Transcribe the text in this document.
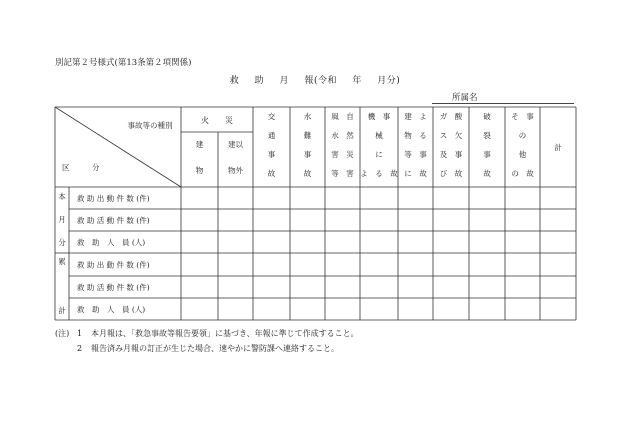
別記第２号様式(第13条第２項関係)
救 助 月 報(令和 年 月分)
所属名
事故等の種別
区　　　分
火　　災
建
物
建以
物外
交
通
事
故
水
難
事
故
風　自
水　然
害　災
等　害
機　事
械
に
よ　る　故
建　よ
物　る
等　事
に　故
ガ　酸
ス　欠
及　事
び　故
破
裂
事
故
そ　事
の
他
の　故
計
本
月
分
累
計
救 助 出 動 件 数 (件)
救 助 活 動 件 数 (件)
救　助　人　員 (人)
救 助 出 動 件 数 (件)
救 助 活 動 件 数 (件)
救　助　人　員 (人)
(注) 1 本月報は、「救急事故等報告要領」に基づき、年報に準じて作成すること。
2 報告済み月報の訂正が生じた場合、速やかに警防課へ連絡すること。
